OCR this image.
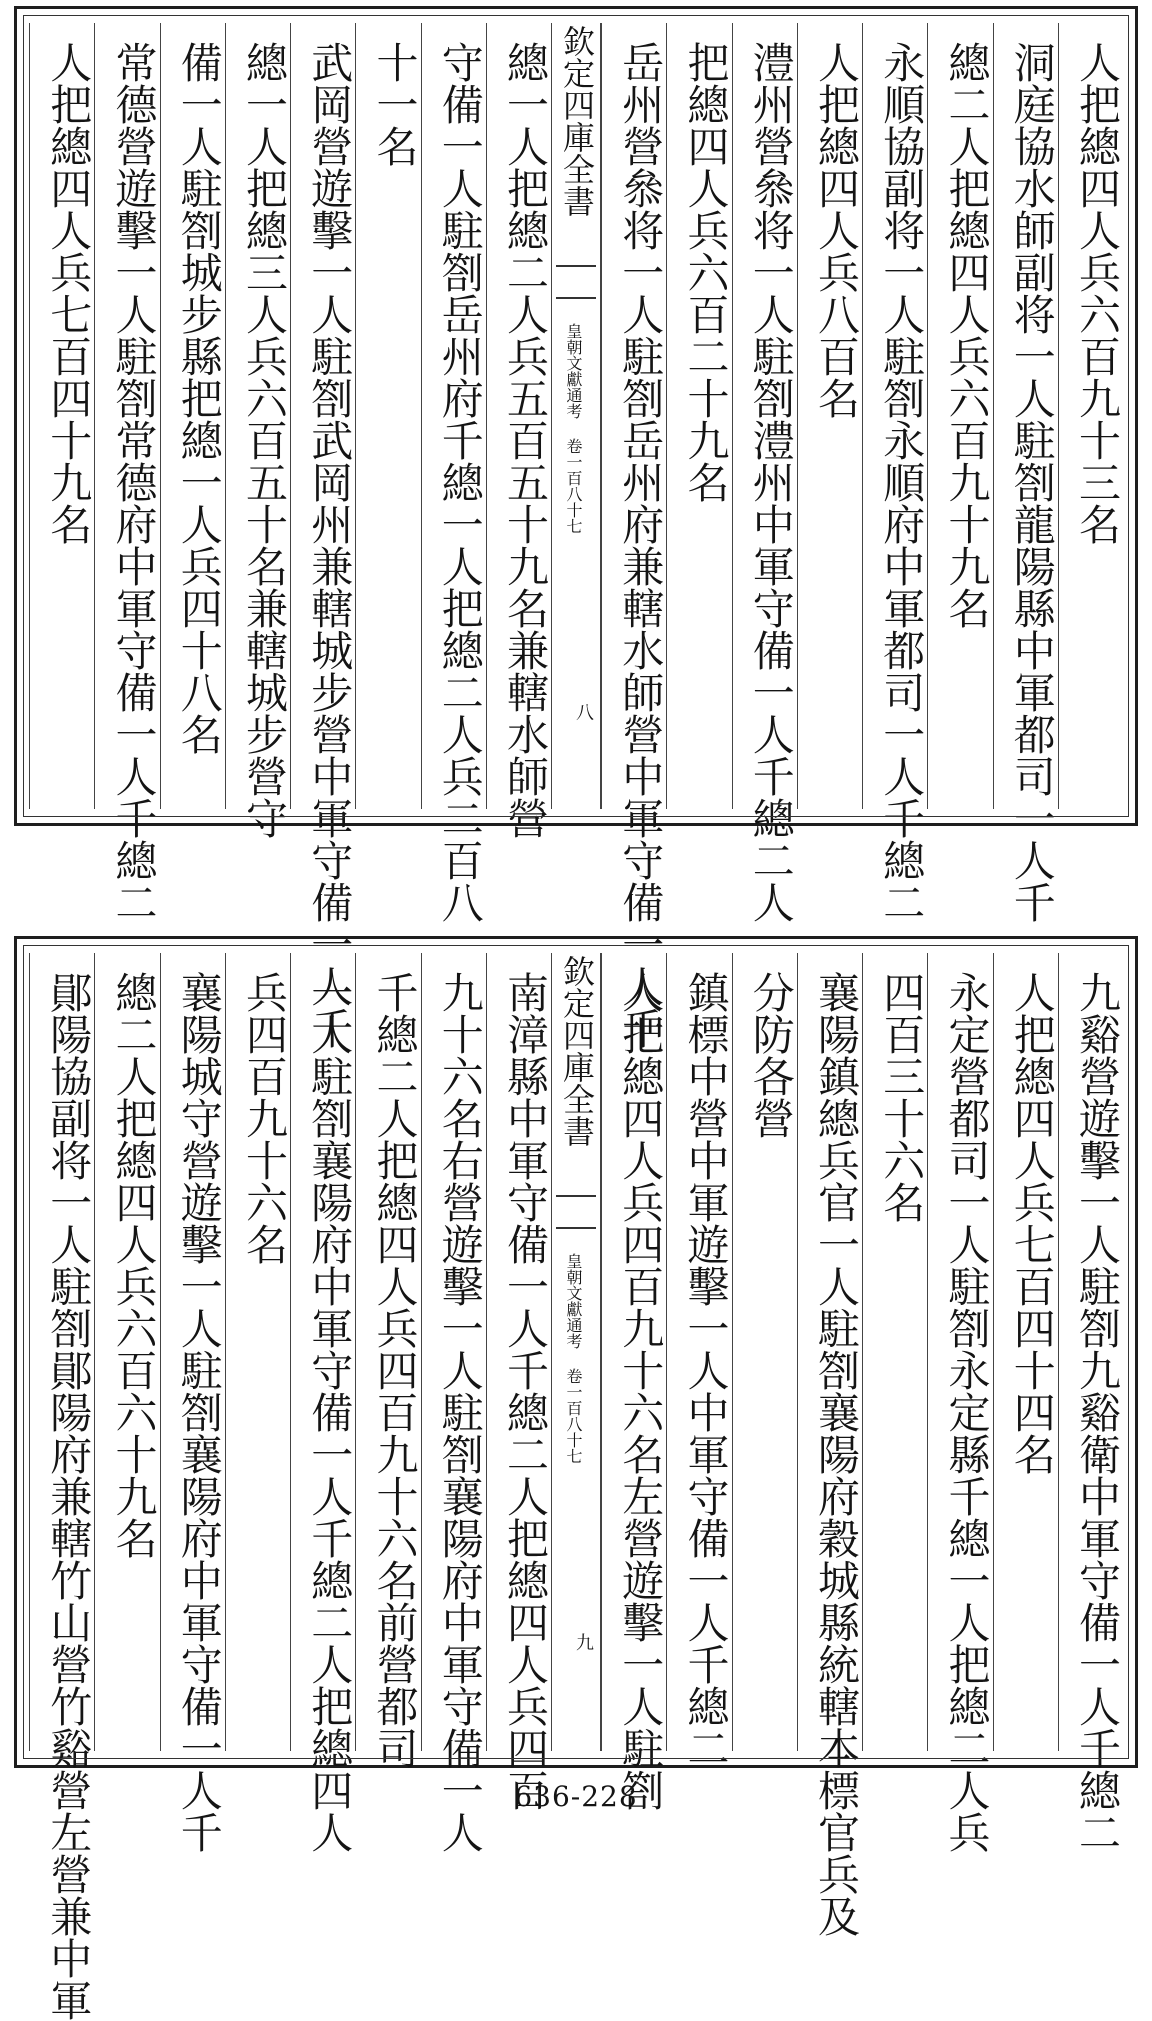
人把總四人兵六百九十三名
洞庭協水師副将一人駐劄龍陽縣中軍都司一人千
總二人把總四人兵六百九十九名
永順協副将一人駐劄永順府中軍都司一人千總二
人把總四人兵八百名
澧州營叅将一人駐劄澧州中軍守備一人千總二人
把總四人兵六百二十九名
岳州營叅将一人駐劄岳州府兼轄水師營中軍守備一人千
總一人把總二人兵五百五十九名兼轄水師營
守備一人駐劄岳州府千總一人把總二人兵二百八
十一名
武岡營遊擊一人駐劄武岡州兼轄城步營中軍守備一人千
總一人把總三人兵六百五十名兼轄城步營守
備一人駐劄城步縣把總一人兵四十八名
常德營遊擊一人駐劄常德府中軍守備一人千總二
人把總四人兵七百四十九名	欽定四庫全書
皇朝文獻通考 卷一百八十七
八
九谿營遊擊一人駐劄九谿衛中軍守備一人千總二
人把總四人兵七百四十四名
永定營都司一人駐劄永定縣千總一人把總二人兵
四百三十六名
襄陽鎮總兵官一人駐劄襄陽府穀城縣統轄本標官兵及
分防各營
鎮標中營中軍遊擊一人中軍守備一人千總二
人把總四人兵四百九十六名左營遊擊一人駐劄
南漳縣中軍守備一人千總二人把總四人兵四百
九十六名右營遊擊一人駐劄襄陽府中軍守備一人
千總二人把總四人兵四百九十六名前營都司
一人駐劄襄陽府中軍守備一人千總二人把總四人
兵四百九十六名
襄陽城守營遊擊一人駐劄襄陽府中軍守備一人千
總二人把總四人兵六百六十九名
鄖陽協副将一人駐劄鄖陽府兼轄竹山營竹谿營左營兼中軍	欽定四庫全書
皇朝文獻通考 卷一百八十七
九
636-228
